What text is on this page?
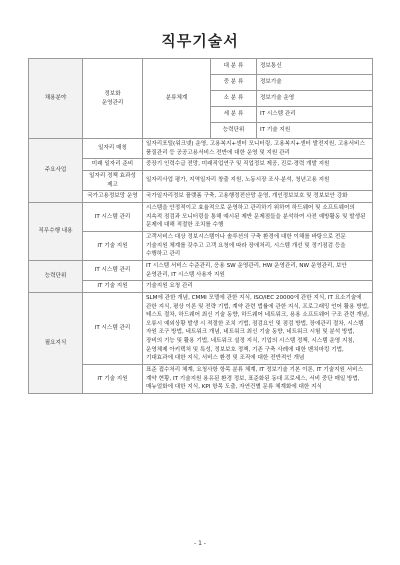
직무기술서
채용분야	정보화
운영관리	분류체계	대 분 류	정보통신
			중 분 류	정보기술
			소 분 류	정보기술 운영
			세 분 류	IT 시스템 관리
			능력단위	IT 기술 지원
주요사업	일자리 매칭	일자리포털(워크넷) 운영, 고용복지+센터 모니터링, 고용복지+센터 발전지원, 고용서비스 품질관리 등 공공고용서비스 전반에 대한 운영 및 지원 관리		
	미래 일자리 준비	중장기 인력수급 전망, 미래직업연구 및 직업정보 제공, 진로·경력 개발 지원		
	일자리 정책 효과성 제고	일자리사업 평가, 지역일자리 창출 지원, 노동시장 조사·분석, 청년고용 지원		
	국가고용정보망 운영	국가일자리정보 플랫폼 구축, 고용행정전산망 운영, 개인정보보호 및 정보보안 강화		
직무수행 내용	IT 시스템 관리	시스템을 안정적이고 효율적으로 운영하고 관리하기 위하여 하드웨어 및 소프트웨어의 지속적 점검과 모니터링을 통해 예시된 제반 문제점들을 분석하여 사전 예방활동 및 발생된 문제에 대해 적절한 조치를 수행		
	IT 기술 지원	고객서비스 대상 정보시스템이나 솔루션의 구축 환경에 대한 이해를 바탕으로 전문 기술지원 체계를 갖추고 고객 요청에 따라 장애처리, 시스템 개선 및 정기점검 등을 수행하고 관리		
능력단위	IT 시스템 관리	IT 시스템 서비스 수준관리, 응용 SW 운영관리, HW 운영관리, NW 운영관리, 보안 운영관리, IT 시스템 사용자 지원		
	IT 기술 지원	기술지원 요청 관리		
필요지식	IT 시스템 관리	SLM에 관한 개념, CMMI 모델에 관한 지식, ISO/IEC 20000에 관한 지식, IT 요소기술에 관한 지식, 평상 이론 및 전략 기법, 계약 관련 법률에 관한 지식, 프로그래밍 언어 활용 방법, 테스트 절차, 하드웨어 최신 기술 동향, 하드웨어 네트워크, 용용 소프트웨어 구조 관련 개념, 오류시 예외상황 발생 시 적절한 조치 기법, 점검요인 및 점검 방법, 장애관리 절차, 시스템 자원 조구 방법, 네트워크 개념, 네트워크 최신 기술 동향, 네트워크 시험 및 분석 방법, 장비의 기능 및 활용 기법, 네트워크 설정 지식, 기업의 시스템 정책, 시스템 운영 지침, 운영체제 아키텍처 및 특성, 정보보호 정책, 기존 구축 사례에 대한 벤치마킹 기법, 기대효과에 대한 지식, 서비스 환경 및 조직에 대한 전반적인 개념		
	IT 기술 지원	표준 접수처리 체계, 요청사항 항목 분류 체계, IT 정보기술 기본 이론, IT 기술지원 서비스 계약 현황, IT 기술지원 용유된 환경 정보, 표준화된 동대 프로세스, 서비 중단 매일 방법, 매뉴얼화에 대한 지식, KPI 항목 도출, 자연건별 문류 체계화에 대한 지식		
- 1 -
